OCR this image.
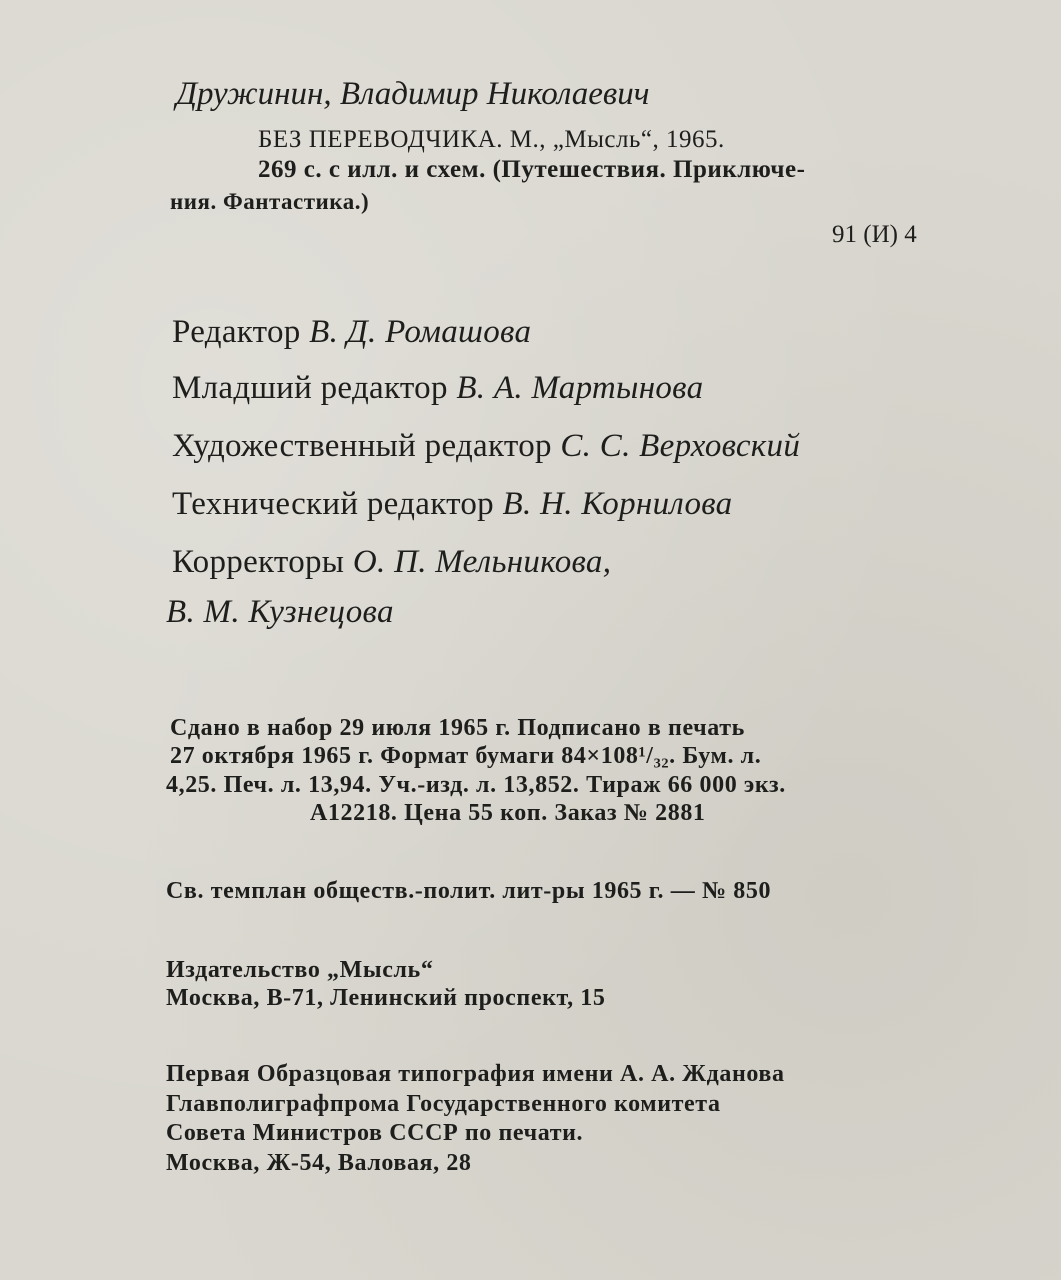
Дружинин, Владимир Николаевич
БЕЗ ПЕРЕВОДЧИКА. М., „Мысль“, 1965.
269 с. с илл. и схем. (Путешествия. Приключе-
ния. Фантастика.)
91 (И) 4
Редактор В. Д. Ромашова
Младший редактор В. А. Мартынова
Художественный редактор С. С. Верховский
Технический редактор В. Н. Корнилова
Корректоры О. П. Мельникова,
В. М. Кузнецова
Сдано в набор 29 июля 1965 г. Подписано в печать
27 октября 1965 г. Формат бумаги 84×108¹/₃₂. Бум. л.
4,25. Печ. л. 13,94. Уч.-изд. л. 13,852. Тираж 66 000 экз.
А12218. Цена 55 коп. Заказ № 2881
Св. темплан обществ.-полит. лит-ры 1965 г. — № 850
Издательство „Мысль“
Москва, В-71, Ленинский проспект, 15
Первая Образцовая типография имени А. А. Жданова
Главполиграфпрома Государственного комитета
Совета Министров СССР по печати.
Москва, Ж-54, Валовая, 28
